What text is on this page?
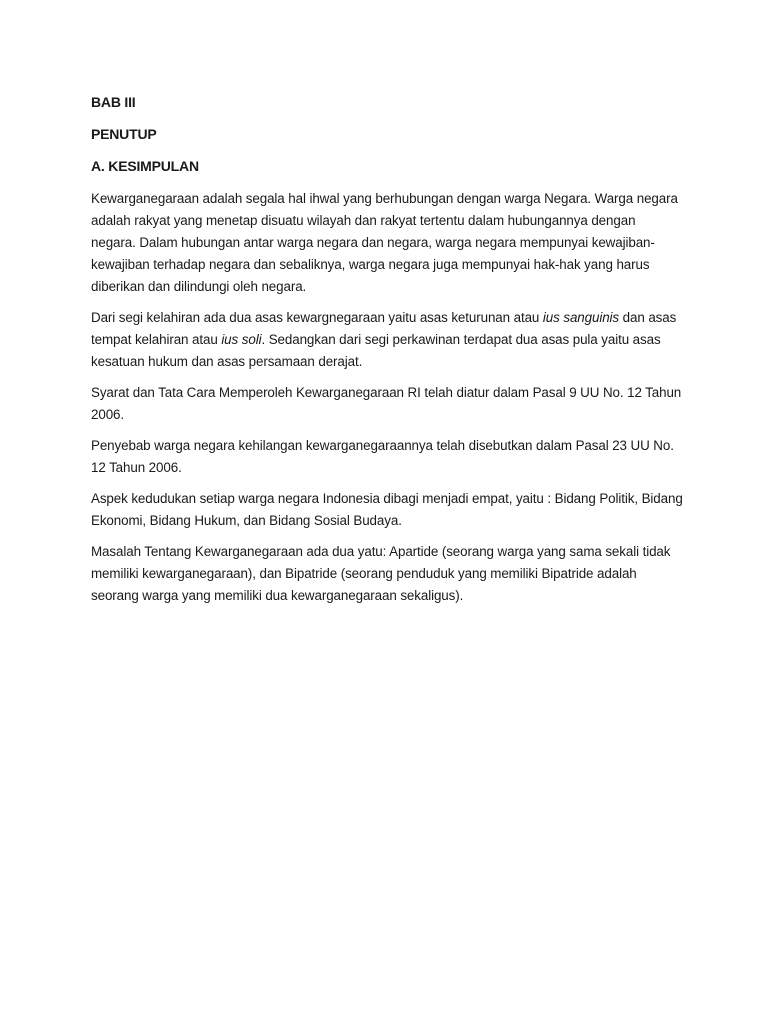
BAB III
PENUTUP
A. KESIMPULAN

Kewarganegaraan adalah segala hal ihwal yang berhubungan dengan warga Negara. Warga negara adalah rakyat yang menetap disuatu wilayah dan rakyat tertentu dalam hubungannya dengan negara. Dalam hubungan antar warga negara dan negara, warga negara mempunyai kewajiban-kewajiban terhadap negara dan sebaliknya, warga negara juga mempunyai hak-hak yang harus diberikan dan dilindungi oleh negara.

Dari segi kelahiran ada dua asas kewargnegaraan yaitu asas keturunan atau ius sanguinis dan asas tempat kelahiran atau ius soli. Sedangkan dari segi perkawinan terdapat dua asas pula yaitu asas kesatuan hukum dan asas persamaan derajat.

Syarat dan Tata Cara Memperoleh Kewarganegaraan RI telah diatur dalam Pasal 9 UU No. 12 Tahun 2006.

Penyebab warga negara kehilangan kewarganegaraannya telah disebutkan dalam Pasal 23 UU No. 12 Tahun 2006.

Aspek kedudukan setiap warga negara Indonesia dibagi menjadi empat, yaitu : Bidang Politik, Bidang Ekonomi, Bidang Hukum, dan Bidang Sosial Budaya.

Masalah Tentang Kewarganegaraan ada dua yatu: Apartide (seorang warga yang sama sekali tidak memiliki kewarganegaraan), dan Bipatride (seorang penduduk yang memiliki Bipatride adalah seorang warga yang memiliki dua kewarganegaraan sekaligus).
